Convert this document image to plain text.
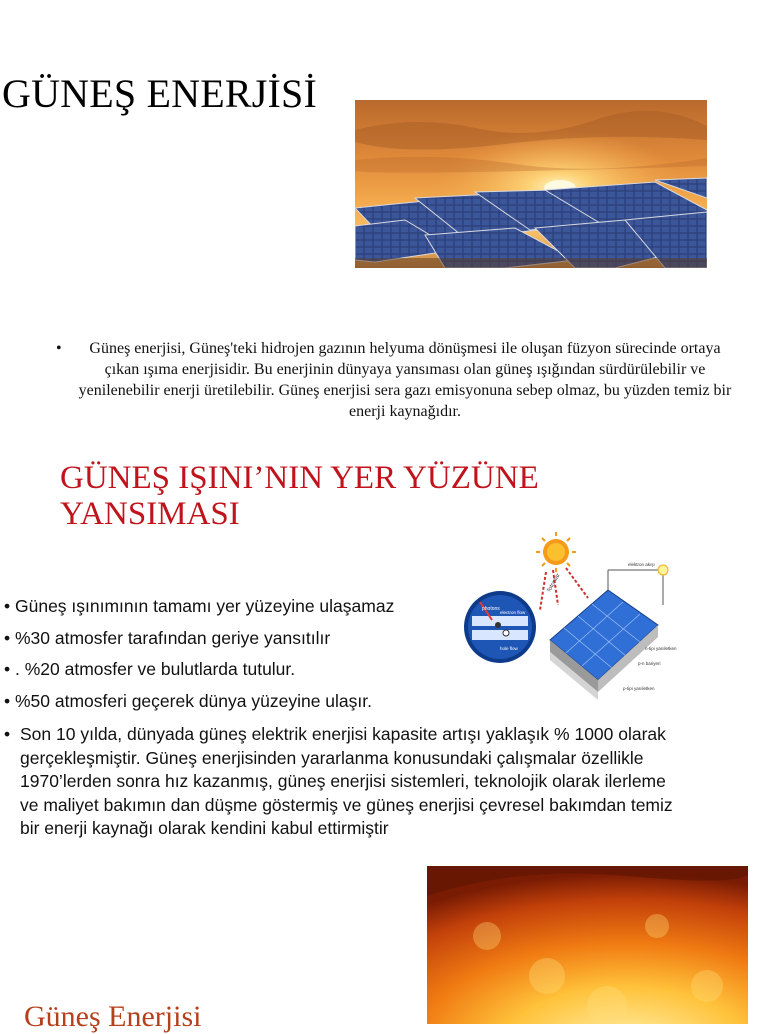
GÜNEŞ ENERJİSİ
•	Güneş enerjisi, Güneş'teki hidrojen gazının helyuma dönüşmesi ile oluşan füzyon sürecinde ortaya çıkan ışıma enerjisidir. Bu enerjinin dünyaya yansıması olan güneş ışığından sürdürülebilir ve yenilenebilir enerji üretilebilir. Güneş enerjisi sera gazı emisyonuna sebep olmaz, bu yüzden temiz bir enerji kaynağıdır.
GÜNEŞ IŞINI’NIN YER YÜZÜNE YANSIMASI
fotonlar
elektron akışı
n-tipi yarıiletken
p-n bariyeri
p-tipi yarıiletken
photons
electron flow
hole flow
• Güneş ışınımının tamamı yer yüzeyine ulaşamaz
• %30 atmosfer tarafından geriye yansıtılır
• . %20 atmosfer ve bulutlarda tutulur.
• %50 atmosferi geçerek dünya yüzeyine ulaşır.
• Son 10 yılda, dünyada güneş elektrik enerjisi kapasite artışı yaklaşık % 1000 olarak gerçekleşmiştir. Güneş enerjisinden yararlanma konusundaki çalışmalar özellikle 1970’lerden sonra hız kazanmış, güneş enerjisi sistemleri, teknolojik olarak ilerleme ve maliyet bakımın dan düşme göstermiş ve güneş enerjisi çevresel bakımdan temiz bir enerji kaynağı olarak kendini kabul ettirmiştir
Güneş Enerjisi
